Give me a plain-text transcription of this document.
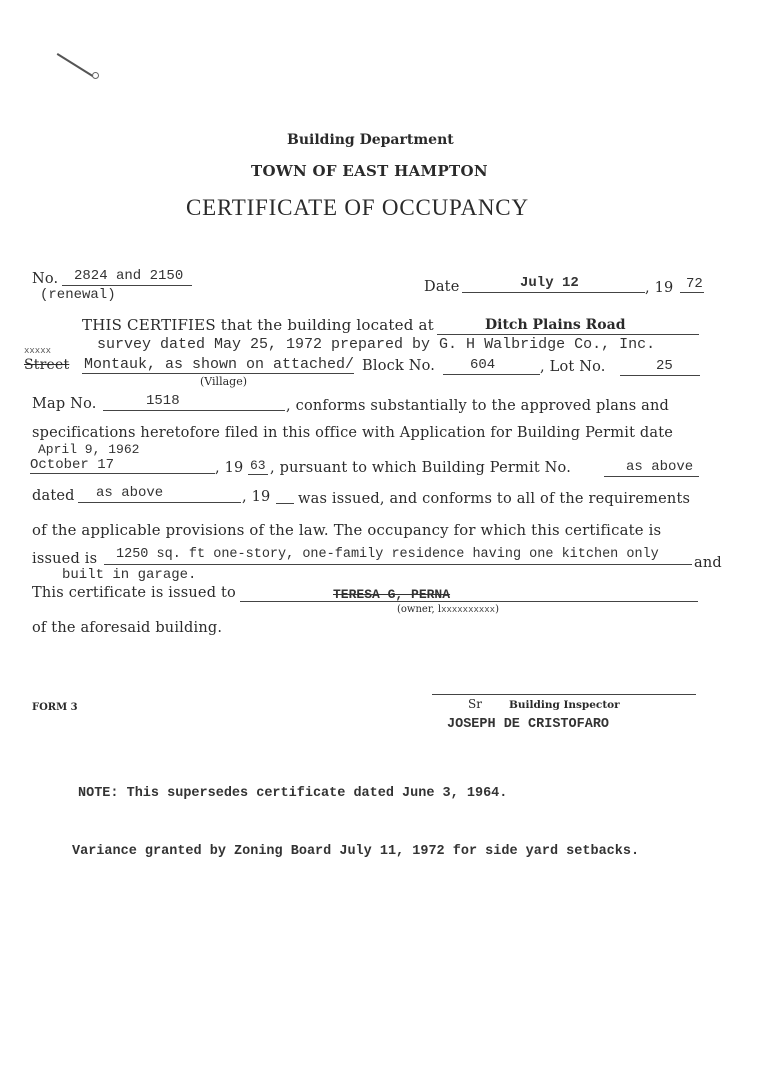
Building Department
TOWN OF EAST HAMPTON
CERTIFICATE OF OCCUPANCY
No. 2824 and 2150
(renewal)	Date	July 12	, 19 72
THIS CERTIFIES that the building located at	Ditch Plains Road
survey dated May 25, 1972 prepared by G. H Walbridge Co., Inc.
Street
xxxxx
Montauk, as shown on attached/
(Village)
Block No. 604	, Lot No.	25
Map No.	1518	, conforms substantially to the approved plans and
specifications heretofore filed in this office with Application for Building Permit date
April 9, 1962
October 17	, 19 63 , pursuant to which Building Permit No.	as above
dated as above	, 19 was issued, and conforms to all of the requirements
of the applicable provisions of the law. The occupancy for which this certificate is
issued is 1250 sq. ft one-story, one-family residence having one kitchen only
and
built in garage.
This certificate is issued to	TERESA G, PERNA
(owner, lxxxxxxxxxx)
of the aforesaid building.
FORM 3	Sr	Building Inspector
JOSEPH DE CRISTOFARO
NOTE: This supersedes certificate dated June 3, 1964.
Variance granted by Zoning Board July 11, 1972 for side yard setbacks.
